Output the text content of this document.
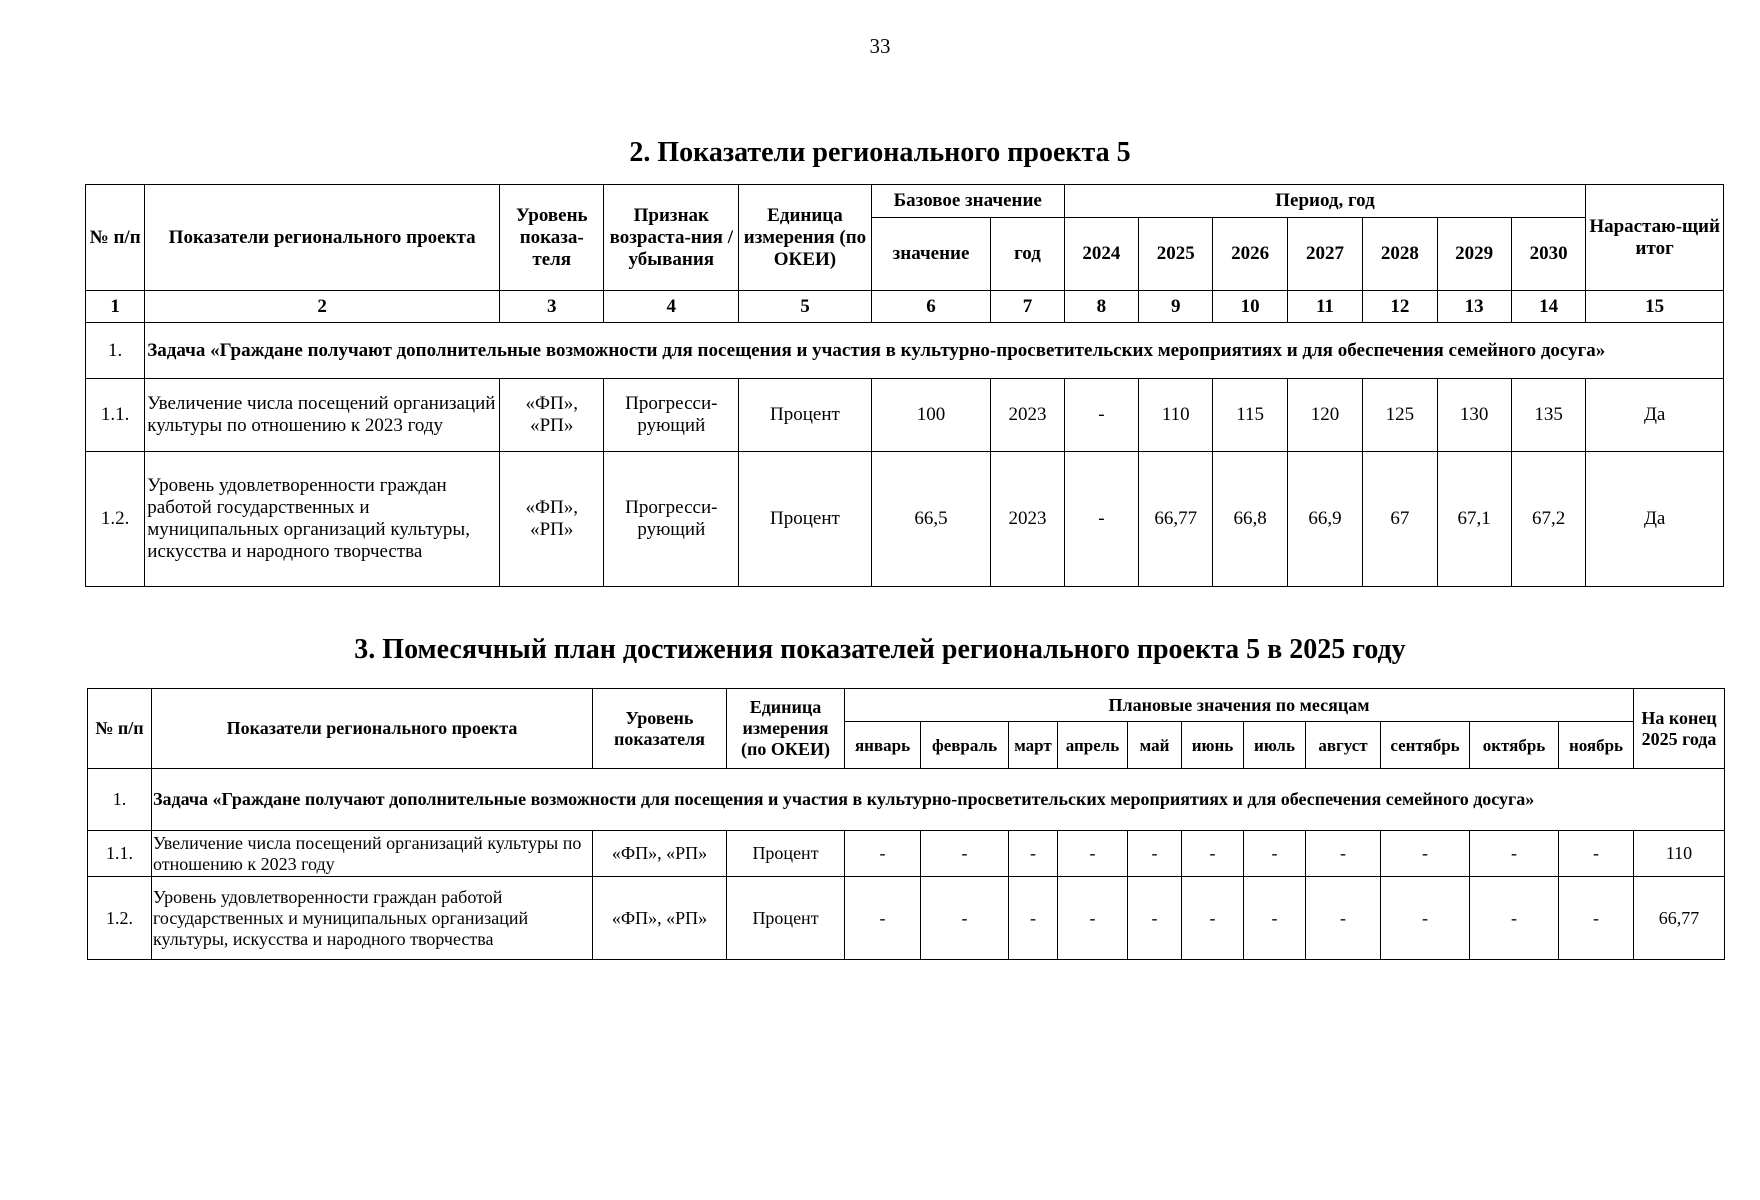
33
2. Показатели регионального проекта 5
№ п/п	Показатели регионального проекта	Уровень показа-теля	Признак возраста-ния / убывания	Единица измерения (по ОКЕИ)	Базовое значение		Период, год							Нарастаю-щий итог
					значение	год	2024	2025	2026	2027	2028	2029	2030	
1	2	3	4	5	6	7	8	9	10	11	12	13	14	15
1.	Задача «Граждане получают дополнительные возможности для посещения и участия в культурно-просветительских мероприятиях и для обеспечения семейного досуга»													
1.1.	Увеличение числа посещений организаций культуры по отношению к 2023 году	«ФП», «РП»	Прогресси-рующий	Процент	100	2023	-	110	115	120	125	130	135	Да
1.2.	Уровень удовлетворенности граждан работой государственных и муниципальных организаций культуры, искусства и народного творчества	«ФП», «РП»	Прогресси-рующий	Процент	66,5	2023	-	66,77	66,8	66,9	67	67,1	67,2	Да
3. Помесячный план достижения показателей регионального проекта 5 в 2025 году
№ п/п	Показатели регионального проекта	Уровень показателя	Единица измерения (по ОКЕИ)	Плановые значения по месяцам											На конец 2025 года
				январь	февраль	март	апрель	май	июнь	июль	август	сентябрь	октябрь	ноябрь	
1.	Задача «Граждане получают дополнительные возможности для посещения и участия в культурно-просветительских мероприятиях и для обеспечения семейного досуга»														
1.1.	Увеличение числа посещений организаций культуры по отношению к 2023 году	«ФП», «РП»	Процент	-	-	-	-	-	-	-	-	-	-	-	110
1.2.	Уровень удовлетворенности граждан работой государственных и муниципальных организаций культуры, искусства и народного творчества	«ФП», «РП»	Процент	-	-	-	-	-	-	-	-	-	-	-	66,77
